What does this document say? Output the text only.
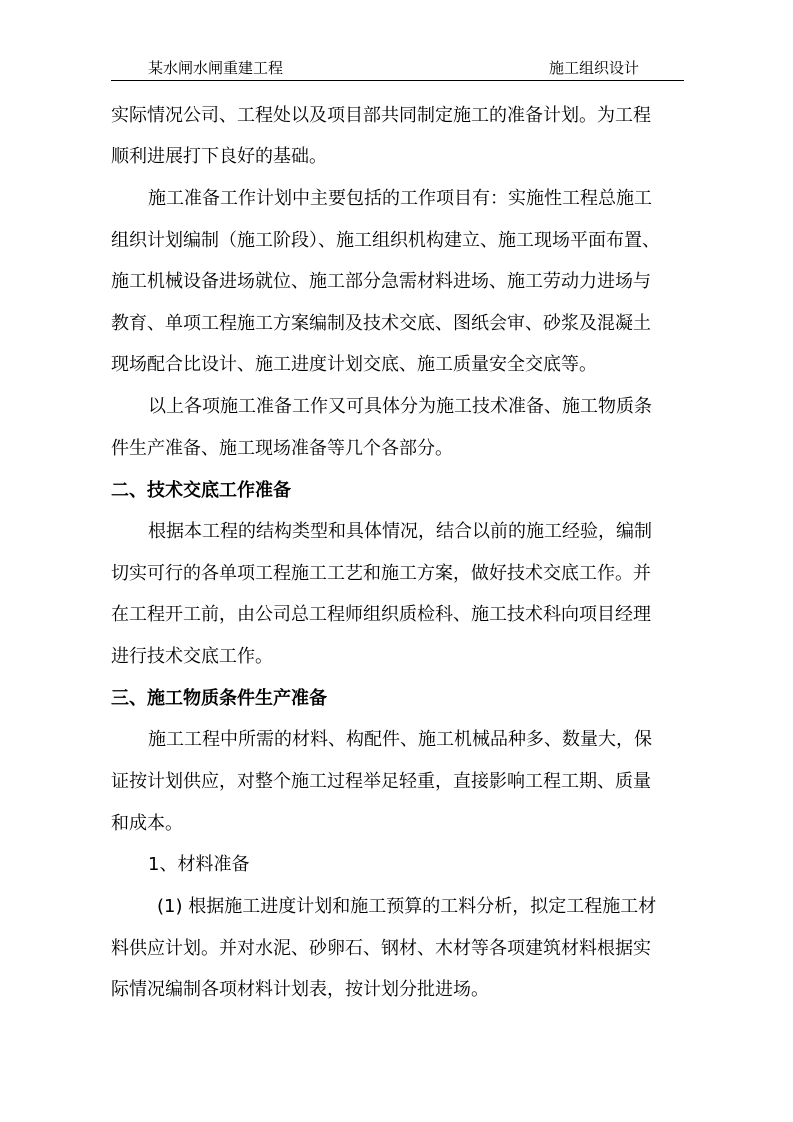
某水闸水闸重建工程	施工组织设计
实际情况公司、工程处以及项目部共同制定施工的准备计划。为工程
顺利进展打下良好的基础。
施工准备工作计划中主要包括的工作项目有：实施性工程总施工
组织计划编制（施工阶段）、施工组织机构建立、施工现场平面布置、
施工机械设备进场就位、施工部分急需材料进场、施工劳动力进场与
教育、单项工程施工方案编制及技术交底、图纸会审、砂浆及混凝土
现场配合比设计、施工进度计划交底、施工质量安全交底等。
以上各项施工准备工作又可具体分为施工技术准备、施工物质条
件生产准备、施工现场准备等几个各部分。
二、技术交底工作准备
根据本工程的结构类型和具体情况，结合以前的施工经验，编制
切实可行的各单项工程施工工艺和施工方案，做好技术交底工作。并
在工程开工前，由公司总工程师组织质检科、施工技术科向项目经理
进行技术交底工作。
三、施工物质条件生产准备
施工工程中所需的材料、构配件、施工机械品种多、数量大，保
证按计划供应，对整个施工过程举足轻重，直接影响工程工期、质量
和成本。
1、材料准备
(1) 根据施工进度计划和施工预算的工料分析，拟定工程施工材
料供应计划。并对水泥、砂卵石、钢材、木材等各项建筑材料根据实
际情况编制各项材料计划表，按计划分批进场。
